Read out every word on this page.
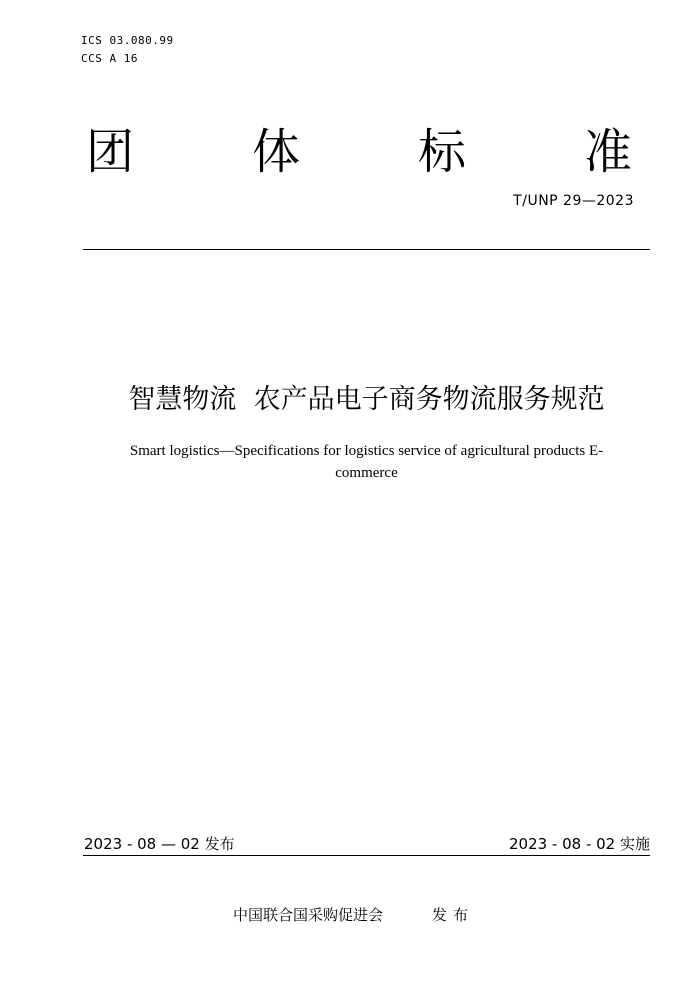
ICS 03.080.99
CCS A 16
团 体 标 准
T/UNP 29—2023
智慧物流  农产品电子商务物流服务规范
Smart logistics—Specifications for logistics service of agricultural products E-commerce
2023 - 08 — 02 发布	2023 - 08 - 02 实施
中国联合国采购促进会	发布
